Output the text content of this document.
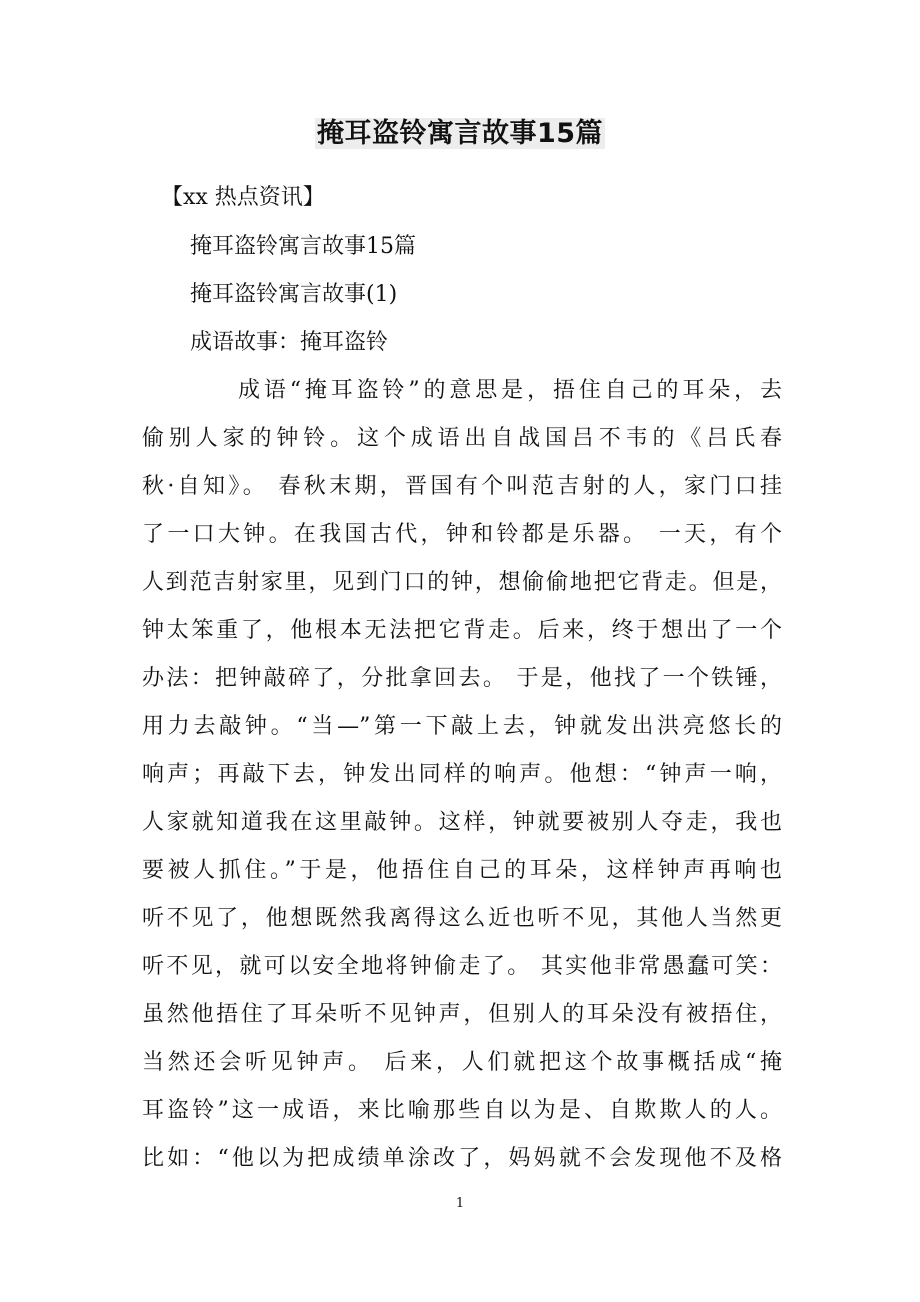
掩耳盗铃寓言故事15篇
【xx 热点资讯】
掩耳盗铃寓言故事15篇
掩耳盗铃寓言故事(1)
成语故事：掩耳盗铃
成语“掩耳盗铃”的意思是，捂住自己的耳朵，去
偷别人家的钟铃。这个成语出自战国吕不韦的《吕氏春
秋·自知》。 春秋末期，晋国有个叫范吉射的人，家门口挂
了一口大钟。在我国古代，钟和铃都是乐器。 一天，有个
人到范吉射家里，见到门口的钟，想偷偷地把它背走。但是，
钟太笨重了，他根本无法把它背走。后来，终于想出了一个
办法：把钟敲碎了，分批拿回去。 于是，他找了一个铁锤，
用力去敲钟。“当—”第一下敲上去，钟就发出洪亮悠长的
响声；再敲下去，钟发出同样的响声。他想：“钟声一响，
人家就知道我在这里敲钟。这样，钟就要被别人夺走，我也
要被人抓住。”于是，他捂住自己的耳朵，这样钟声再响也
听不见了，他想既然我离得这么近也听不见，其他人当然更
听不见，就可以安全地将钟偷走了。 其实他非常愚蠢可笑：
虽然他捂住了耳朵听不见钟声，但别人的耳朵没有被捂住，
当然还会听见钟声。 后来，人们就把这个故事概括成“掩
耳盗铃”这一成语，来比喻那些自以为是、自欺欺人的人。
比如：“他以为把成绩单涂改了，妈妈就不会发现他不及格
1
